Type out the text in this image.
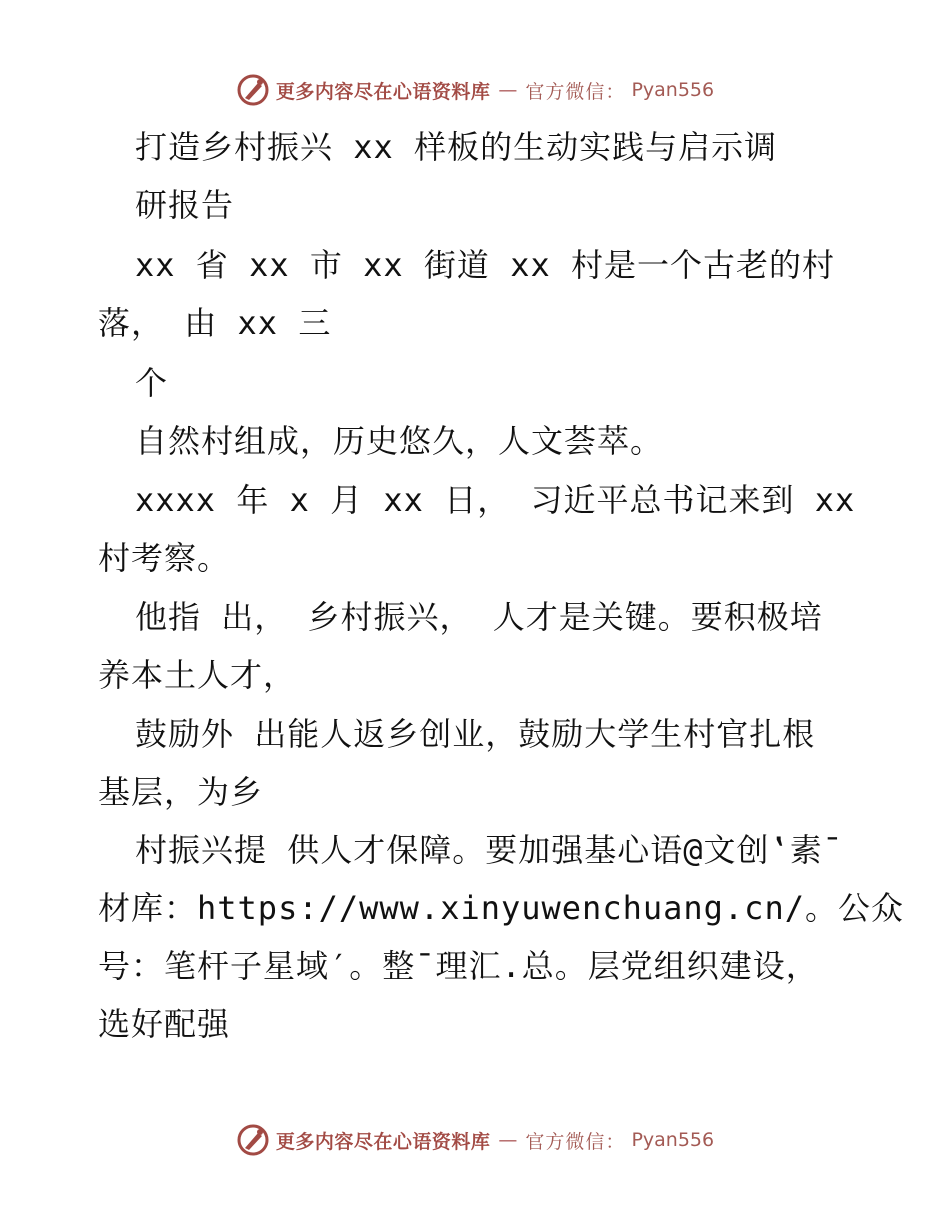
更多内容尽在心语资料库 — 官方微信： Pyan556
打造乡村振兴 xx 样板的生动实践与启示调
研报告
xx 省 xx 市 xx 街道 xx 村是一个古老的村
落， 由 xx 三
个
自然村组成，历史悠久，人文荟萃。
xxxx 年 x 月 xx 日， 习近平总书记来到 xx
村考察。
他指 出， 乡村振兴， 人才是关键。要积极培
养本土人才，
鼓励外 出能人返乡创业，鼓励大学生村官扎根
基层，为乡
村振兴提 供人才保障。要加强基心语@文创‛素¯
材库：https://www.xinyuwenchuang.cn/。公众
号：笔杆子星域′。整¯理汇.总。层党组织建设，
选好配强
更多内容尽在心语资料库 — 官方微信： Pyan556
